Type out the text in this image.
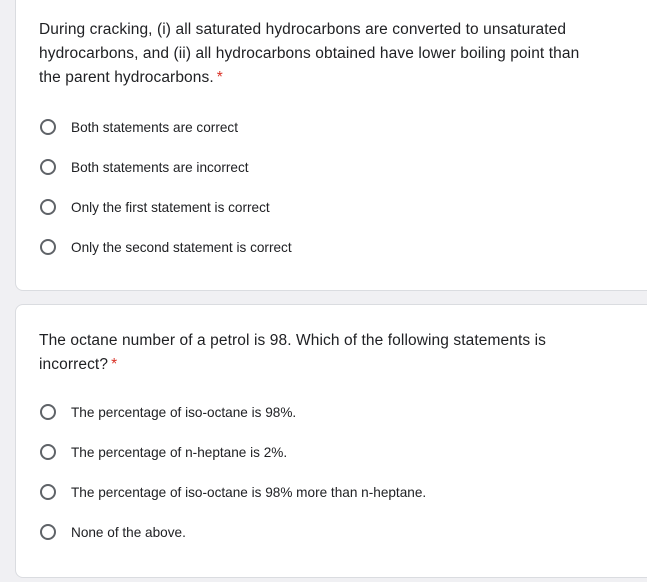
During cracking, (i) all saturated hydrocarbons are converted to unsaturated hydrocarbons, and (ii) all hydrocarbons obtained have lower boiling point than the parent hydrocarbons. *
Both statements are correct
Both statements are incorrect
Only the first statement is correct
Only the second statement is correct
The octane number of a petrol is 98. Which of the following statements is incorrect? *
The percentage of iso-octane is 98%.
The percentage of n-heptane is 2%.
The percentage of iso-octane is 98% more than n-heptane.
None of the above.
